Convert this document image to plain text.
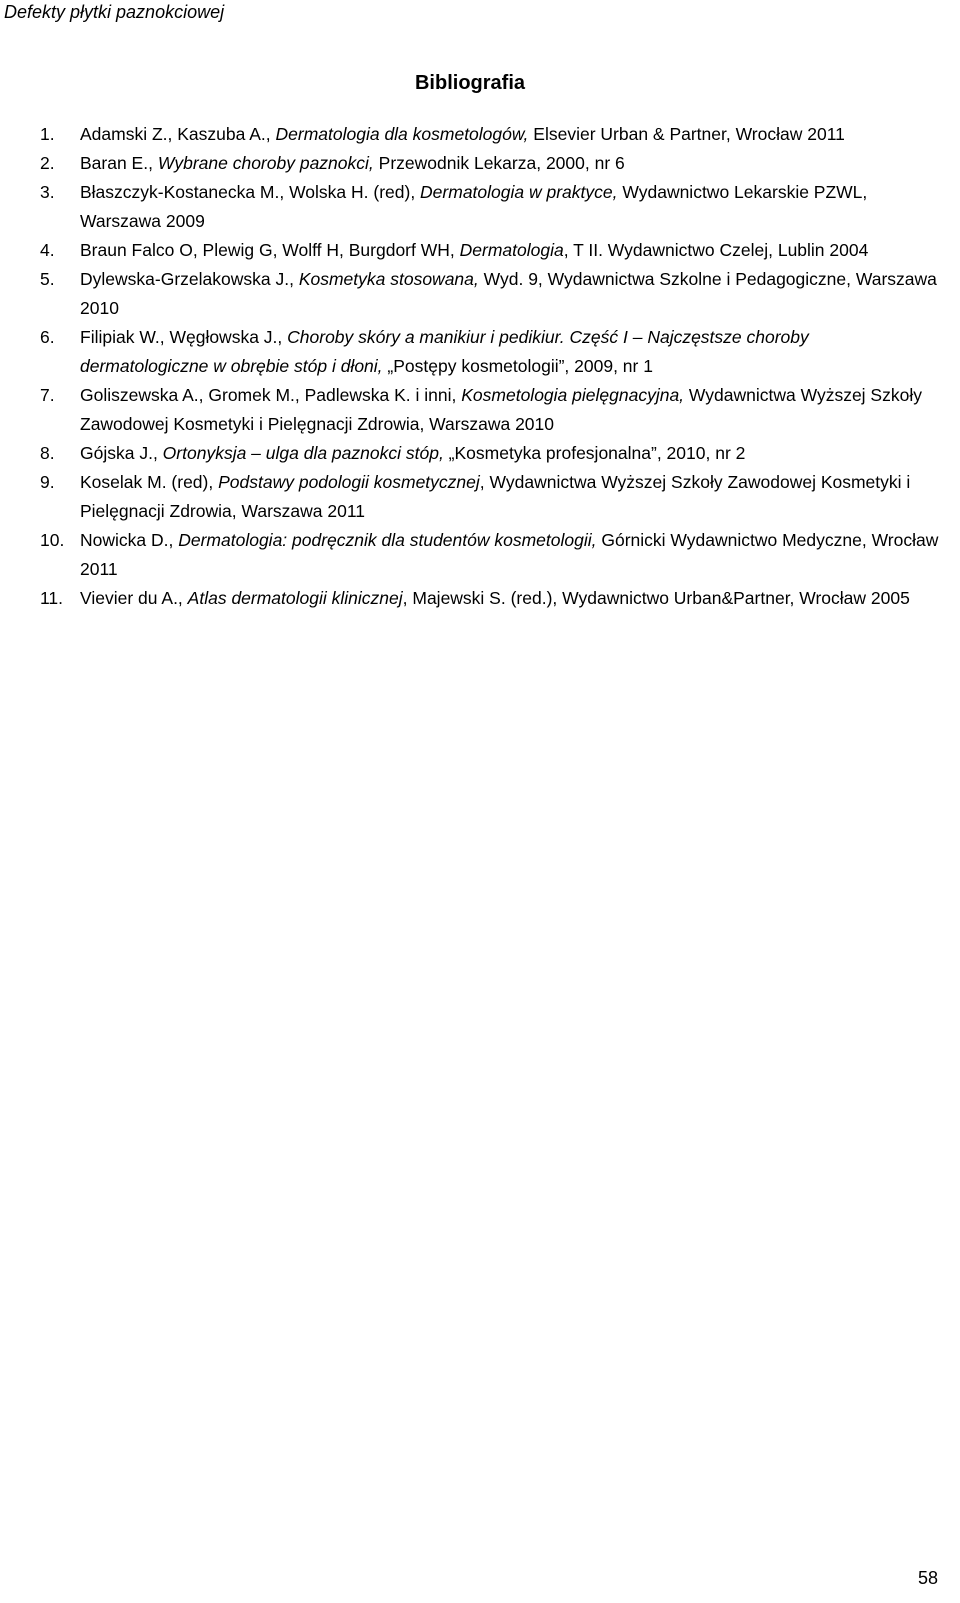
Defekty płytki paznokciowej
Bibliografia
1. Adamski Z., Kaszuba A., Dermatologia dla kosmetologów, Elsevier Urban & Partner, Wrocław 2011
2. Baran E., Wybrane choroby paznokci, Przewodnik Lekarza, 2000, nr 6
3. Błaszczyk-Kostanecka M., Wolska H. (red), Dermatologia w praktyce, Wydawnictwo Lekarskie PZWL, Warszawa 2009
4. Braun Falco O, Plewig G, Wolff H, Burgdorf WH, Dermatologia, T II. Wydawnictwo Czelej, Lublin 2004
5. Dylewska-Grzelakowska J., Kosmetyka stosowana, Wyd. 9, Wydawnictwa Szkolne i Pedagogiczne, Warszawa 2010
6. Filipiak W., Węgłowska J., Choroby skóry a manikiur i pedikiur. Część I – Najczęstsze choroby dermatologiczne w obrębie stóp i dłoni, „Postępy kosmetologii”, 2009, nr 1
7. Goliszewska A., Gromek M., Padlewska K. i inni, Kosmetologia pielęgnacyjna, Wydawnictwa Wyższej Szkoły Zawodowej Kosmetyki i Pielęgnacji Zdrowia, Warszawa 2010
8. Gójska J., Ortonyksja – ulga dla paznokci stóp, „Kosmetyka profesjonalna”, 2010, nr 2
9. Koselak M. (red), Podstawy podologii kosmetycznej, Wydawnictwa Wyższej Szkoły Zawodowej Kosmetyki i Pielęgnacji Zdrowia, Warszawa 2011
10. Nowicka D., Dermatologia: podręcznik dla studentów kosmetologii, Górnicki Wydawnictwo Medyczne, Wrocław 2011
11. Vievier du A., Atlas dermatologii klinicznej, Majewski S. (red.), Wydawnictwo Urban&Partner, Wrocław 2005
58
